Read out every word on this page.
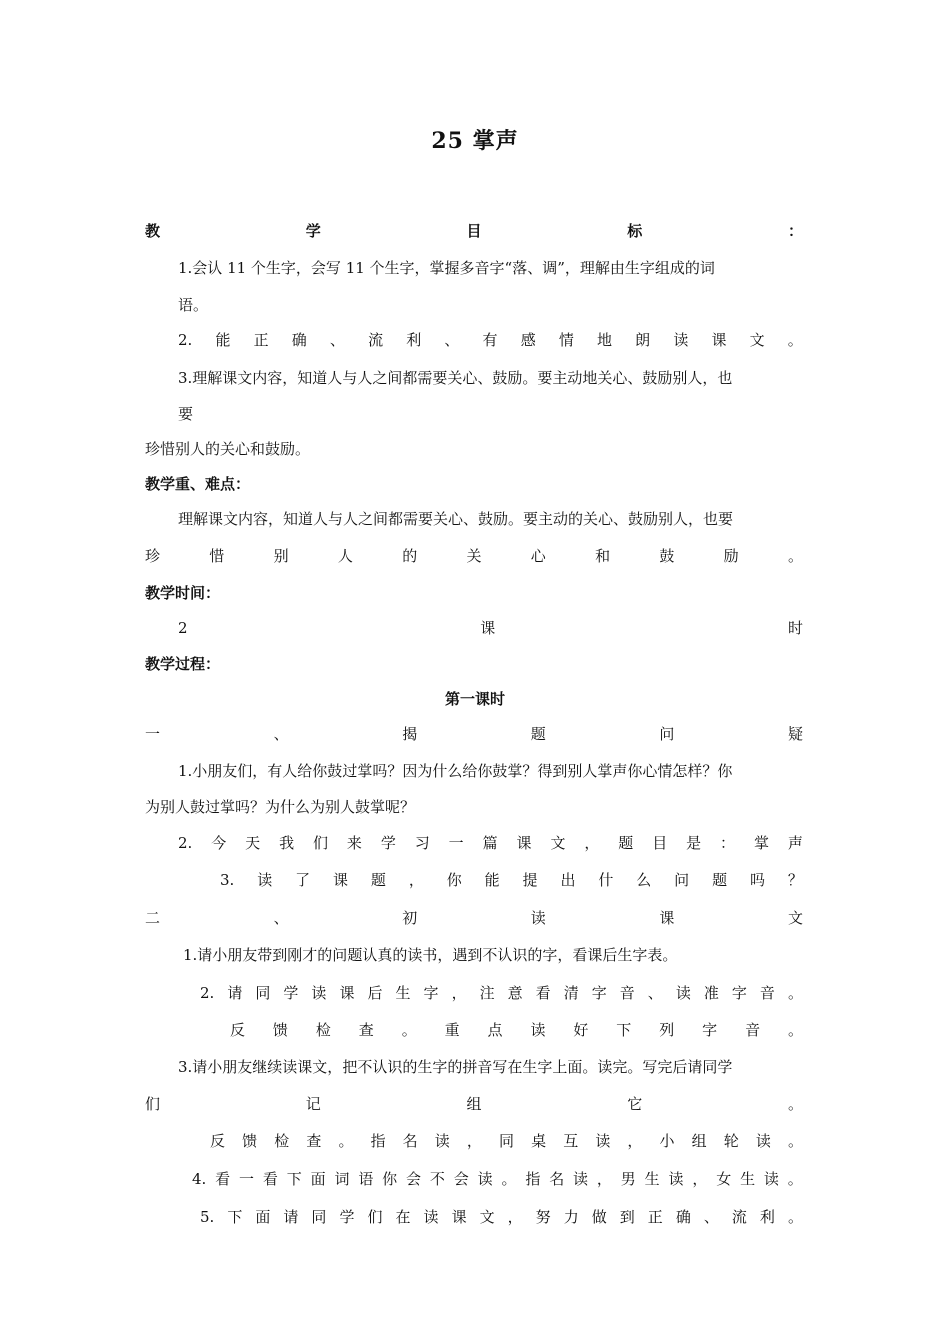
25 掌声
教	学	目	标	：
1.会认 11 个生字，会写 11 个生字，掌握多音字“落、调”，理解由生字组成的词
语。
2. 能 正 确 、 流 利 、 有 感 情 地 朗 读 课 文 。
3.理解课文内容，知道人与人之间都需要关心、鼓励。要主动地关心、鼓励别人，也
要
珍惜别人的关心和鼓励。
教学重、难点：
理解课文内容，知道人与人之间都需要关心、鼓励。要主动的关心、鼓励别人，也要
珍	惜	别	人	的	关	心	和	鼓	励	。
教学时间：
2	课	时
教学过程：
第一课时
一	、	揭	题	问	疑
1.小朋友们，有人给你鼓过掌吗？因为什么给你鼓掌？得到别人掌声你心情怎样？你
为别人鼓过掌吗？为什么为别人鼓掌呢？
2. 今 天 我 们 来 学 习 一 篇 课 文 ， 题 目 是 ： 掌 声
3. 读 了 课 题 ， 你 能 提 出 什 么 问 题 吗 ？
二	、	初	读	课	文
1.请小朋友带到刚才的问题认真的读书，遇到不认识的字，看课后生字表。
2. 请 同 学 读 课 后 生 字 ， 注 意 看 清 字 音 、 读 准 字 音 。
反 馈 检 查 。 重 点 读 好 下 列 字 音 。
3.请小朋友继续读课文，把不认识的生字的拼音写在生字上面。读完。写完后请同学
们	记	组	它	。
反 馈 检 查 。 指 名 读 ， 同 桌 互 读 ， 小 组 轮 读 。
4. 看 一 看 下 面 词 语 你 会 不 会 读 。 指 名 读 ， 男 生 读 ， 女 生 读 。
5. 下 面 请 同 学 们 在 读 课 文 ， 努 力 做 到 正 确 、 流 利 。
